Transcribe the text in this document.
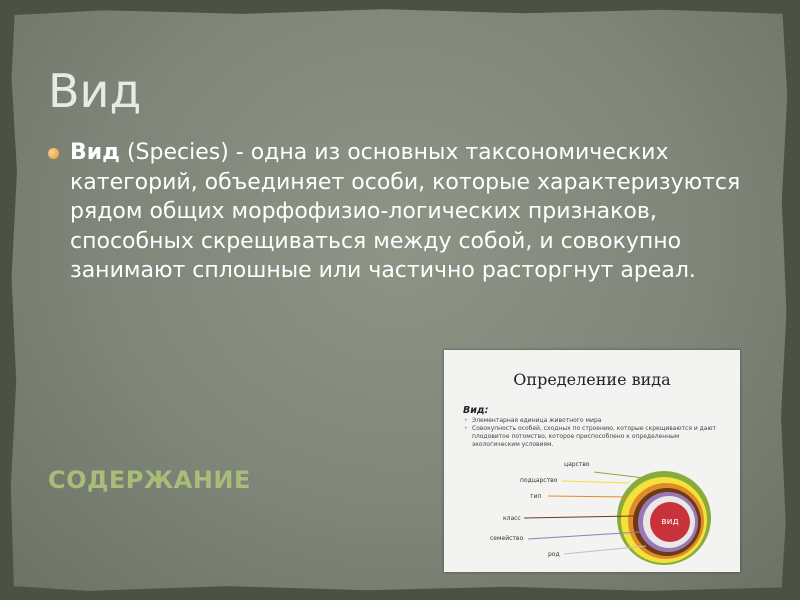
Вид
Вид (Species) - одна из основных таксономических категорий, объединяет особи, которые характеризуются рядом общих морфофизио-логических признаков, способных скрещиваться между собой, и совокупно занимают сплошные или частично расторгнут ареал.
СОДЕРЖАНИЕ
Определение вида
Вид:
• Элементарная единица животного мира
• Совокупность особей, сходных по строению, которые скрещиваются и дают плодовитое потомство, которое приспособлено к определенным экологическим условиям.
царство
подцарство
тип
класс
семейство
род
вид
